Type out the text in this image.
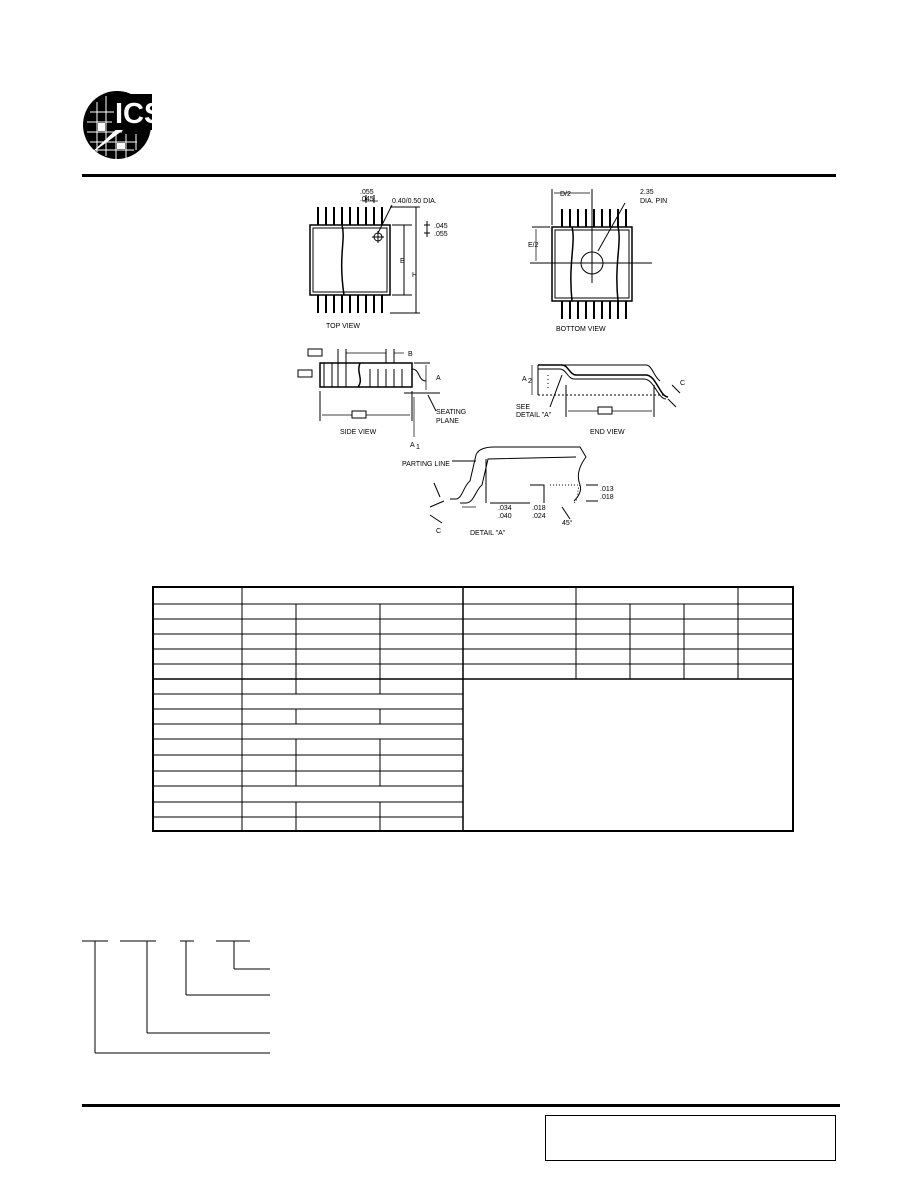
ICS
.055
.045	0.40/0.50 DIA.
.045
.055
E
H
TOP VIEW
D/2
E/2
2.35
DIA. PIN
BOTTOM VIEW
B
A
A 1
SEATING
PLANE
SIDE VIEW
A 2	C
SEE
DETAIL "A"
END VIEW
PARTING LINE
.034
.040
.018
.024
.013
.018
45°
C	DETAIL "A"
